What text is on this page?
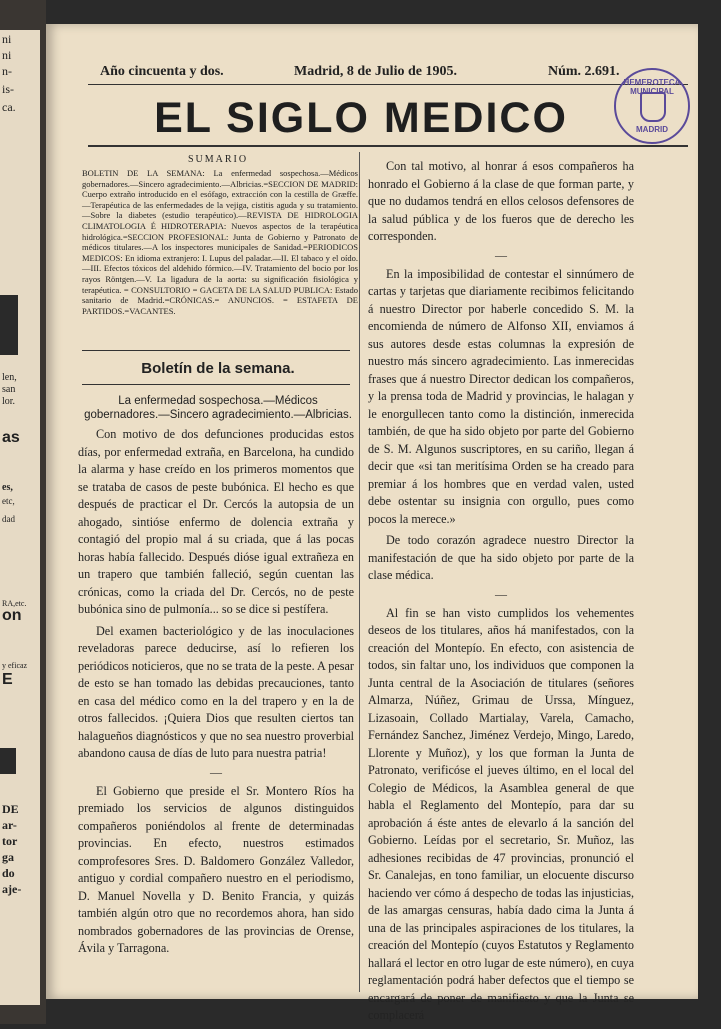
ni
ni
n-
is-
ca.
len,
san
lor.
as
es,
etc,
dad
RA,etc.
on
y eficaz
E
DE
ar-
tor
ga
do
aje-
Año cincuenta y dos.	Madrid, 8 de Julio de 1905.	Núm. 2.691.
EL SIGLO MEDICO
HEMEROTECA MUNICIPAL
MADRID
SUMARIO
BOLETIN DE LA SEMANA: La enfermedad sospechosa.—Médicos gobernadores.—Sincero agradecimiento.—Albricias.=SECCION DE MADRID: Cuerpo extraño introducido en el esófago, extracción con la cestilla de Græffe.—Terapéutica de las enfermedades de la vejiga, cistitis aguda y su tratamiento.—Sobre la diabetes (estudio terapéutico).—REVISTA DE HIDROLOGIA CLIMATOLOGIA É HIDROTERAPIA: Nuevos aspectos de la terapéutica hidrológica.=SECCION PROFESIONAL: Junta de Gobierno y Patronato de médicos titulares.—A los inspectores municipales de Sanidad.=PERIODICOS MEDICOS: En idioma extranjero: I. Lupus del paladar.—II. El tabaco y el oído.—III. Efectos tóxicos del aldehido fórmico.—IV. Tratamiento del bocio por los rayos Röntgen.—V. La ligadura de la aorta: su significación fisiológica y terapéutica. = CONSULTORIO = GACETA DE LA SALUD PUBLICA: Estado sanitario de Madrid.=CRÓNICAS.= ANUNCIOS. = ESTAFETA DE PARTIDOS.=VACANTES.
Boletín de la semana.
La enfermedad sospechosa.—Médicos gobernadores.—Sincero agradecimiento.—Albricias.

Con motivo de dos defunciones producidas estos días, por enfermedad extraña, en Barcelona, ha cundido la alarma y hase creído en los primeros momentos que se trataba de casos de peste bubónica. El hecho es que después de practicar el Dr. Cercós la autopsia de un ahogado, sintióse enfermo de dolencia extraña y contagió del propio mal á su criada, que á las pocas horas había fallecido. Después dióse igual extrañeza en un trapero que también falleció, según cuentan las crónicas, como la criada del Dr. Cercós, no de peste bubónica sino de pulmonía... so se dice si pestífera.

Del examen bacteriológico y de las inoculaciones reveladoras parece deducirse, así lo refieren los periódicos noticieros, que no se trata de la peste. A pesar de esto se han tomado las debidas precauciones, tanto en casa del médico como en la del trapero y en la de otros fallecidos. ¡Quiera Dios que resulten ciertos tan halagueños diagnósticos y que no sea nuestro proverbial abandono causa de días de luto para nuestra patria!

—

El Gobierno que preside el Sr. Montero Ríos ha premiado los servicios de algunos distinguidos compañeros poniéndolos al frente de determinadas provincias. En efecto, nuestros estimados comprofesores Sres. D. Baldomero González Valledor, antiguo y cordial compañero nuestro en el periodismo, D. Manuel Novella y D. Benito Francia, y quizás también algún otro que no recordemos ahora, han sido nombrados gobernadores de las provincias de Orense, Ávila y Tarragona.

Con tal motivo, al honrar á esos compañeros ha honrado el Gobierno á la clase de que forman parte, y que no dudamos tendrá en ellos celosos defensores de la salud pública y de los fueros que de derecho les corresponden.

—

En la imposibilidad de contestar el sinnúmero de cartas y tarjetas que diariamente recibimos felicitando á nuestro Director por haberle concedido S. M. la encomienda de número de Alfonso XII, enviamos á sus autores desde estas columnas la expresión de nuestro más sincero agradecimiento. Las inmerecidas frases que á nuestro Director dedican los compañeros, y la prensa toda de Madrid y provincias, le halagan y le enorgullecen tanto como la distinción, inmerecida también, de que ha sido objeto por parte del Gobierno de S. M. Algunos suscriptores, en su cariño, llegan á decir que «si tan meritísima Orden se ha creado para premiar á los hombres que en verdad valen, usted debe ostentar su insignia con orgullo, pues como pocos la merece.»

De todo corazón agradece nuestro Director la manifestación de que ha sido objeto por parte de la clase médica.

—

Al fin se han visto cumplidos los vehementes deseos de los titulares, años há manifestados, con la creación del Montepío. En efecto, con asistencia de todos, sin faltar uno, los individuos que componen la Junta central de la Asociación de titulares (señores Almarza, Núñez, Grimau de Urssa, Mínguez, Lizasoain, Collado Martialay, Varela, Camacho, Fernández Sanchez, Jiménez Verdejo, Mingo, Laredo, Llorente y Muñoz), y los que forman la Junta de Patronato, verificóse el jueves último, en el local del Colegio de Médicos, la Asamblea general de que habla el Reglamento del Montepío, para dar su aprobación á éste antes de elevarlo á la sanción del Gobierno. Leídas por el secretario, Sr. Muñoz, las adhesiones recibidas de 47 provincias, pronunció el Sr. Canalejas, en tono familiar, un elocuente discurso haciendo ver cómo á despecho de todas las injusticias, de las amargas censuras, había dado cima la Junta á una de las principales aspiraciones de los titulares, la creación del Montepío (cuyos Estatutos y Reglamento hallará el lector en otro lugar de este número), en cuya reglamentación podrá haber defectos que el tiempo se encargará de poner de manifiesto y que la Junta se complacerá
